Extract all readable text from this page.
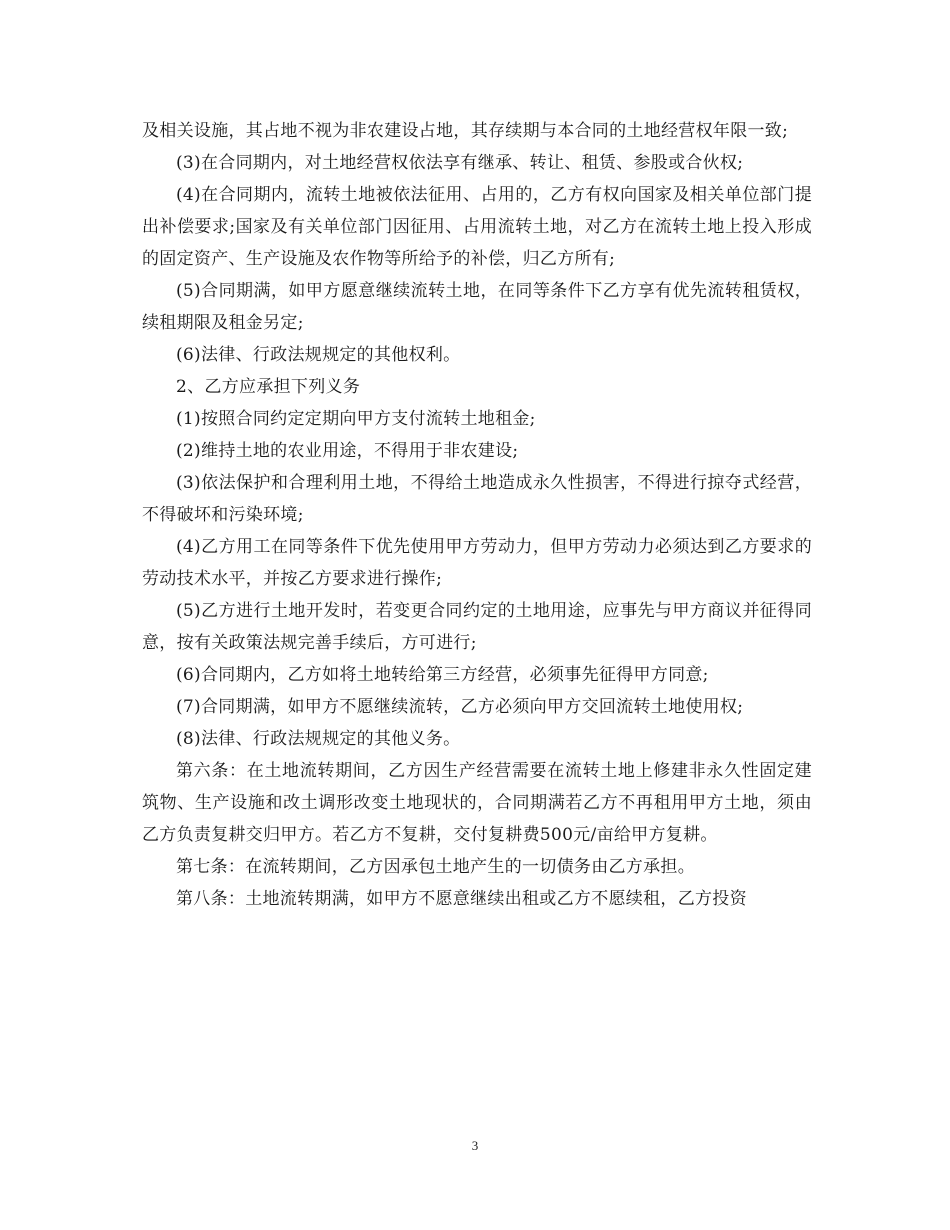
及相关设施，其占地不视为非农建设占地，其存续期与本合同的土地经营权年限一致;

(3)在合同期内，对土地经营权依法享有继承、转让、租赁、参股或合伙权;

(4)在合同期内，流转土地被依法征用、占用的，乙方有权向国家及相关单位部门提出补偿要求;国家及有关单位部门因征用、占用流转土地，对乙方在流转土地上投入形成的固定资产、生产设施及农作物等所给予的补偿，归乙方所有;

(5)合同期满，如甲方愿意继续流转土地，在同等条件下乙方享有优先流转租赁权，续租期限及租金另定;

(6)法律、行政法规规定的其他权利。

2、乙方应承担下列义务

(1)按照合同约定定期向甲方支付流转土地租金;

(2)维持土地的农业用途，不得用于非农建设;

(3)依法保护和合理利用土地，不得给土地造成永久性损害，不得进行掠夺式经营，不得破坏和污染环境;

(4)乙方用工在同等条件下优先使用甲方劳动力，但甲方劳动力必须达到乙方要求的劳动技术水平，并按乙方要求进行操作;

(5)乙方进行土地开发时，若变更合同约定的土地用途，应事先与甲方商议并征得同意，按有关政策法规完善手续后，方可进行;

(6)合同期内，乙方如将土地转给第三方经营，必须事先征得甲方同意;

(7)合同期满，如甲方不愿继续流转，乙方必须向甲方交回流转土地使用权;

(8)法律、行政法规规定的其他义务。

第六条：在土地流转期间，乙方因生产经营需要在流转土地上修建非永久性固定建筑物、生产设施和改土调形改变土地现状的，合同期满若乙方不再租用甲方土地，须由乙方负责复耕交归甲方。若乙方不复耕，交付复耕费500元/亩给甲方复耕。

第七条：在流转期间，乙方因承包土地产生的一切债务由乙方承担。

第八条：土地流转期满，如甲方不愿意继续出租或乙方不愿续租，乙方投资

3
